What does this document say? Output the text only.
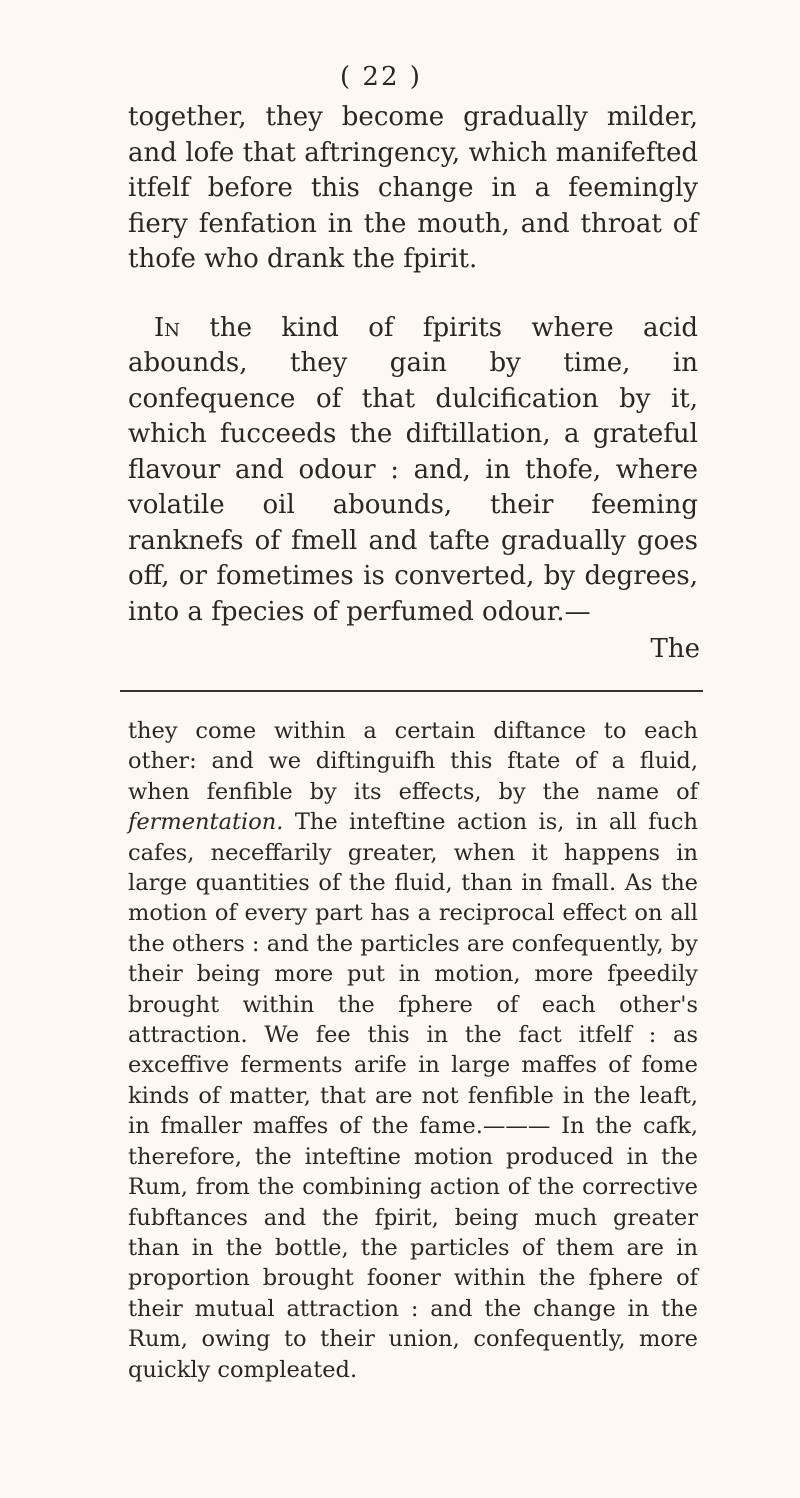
( 22 )

together, they become gradually milder, and lofe that aftringency, which manifefted itfelf before this change in a feemingly fiery fenfation in the mouth, and throat of thofe who drank the fpirit.

In the kind of fpirits where acid abounds, they gain by time, in confequence of that dulcification by it, which fucceeds the diftillation, a grateful flavour and odour : and, in thofe, where volatile oil abounds, their feeming ranknefs of fmell and tafte gradually goes off, or fometimes is converted, by degrees, into a fpecies of perfumed odour.—

The

they come within a certain diftance to each other: and we diftinguifh this ftate of a fluid, when fenfible by its effects, by the name of fermentation. The inteftine action is, in all fuch cafes, neceffarily greater, when it happens in large quantities of the fluid, than in fmall. As the motion of every part has a reciprocal effect on all the others : and the particles are confequently, by their being more put in motion, more fpeedily brought within the fphere of each other's attraction. We fee this in the fact itfelf : as exceffive ferments arife in large maffes of fome kinds of matter, that are not fenfible in the leaft, in fmaller maffes of the fame.——— In the cafk, therefore, the inteftine motion produced in the Rum, from the combining action of the corrective fubftances and the fpirit, being much greater than in the bottle, the particles of them are in proportion brought fooner within the fphere of their mutual attraction : and the change in the Rum, owing to their union, confequently, more quickly compleated.
